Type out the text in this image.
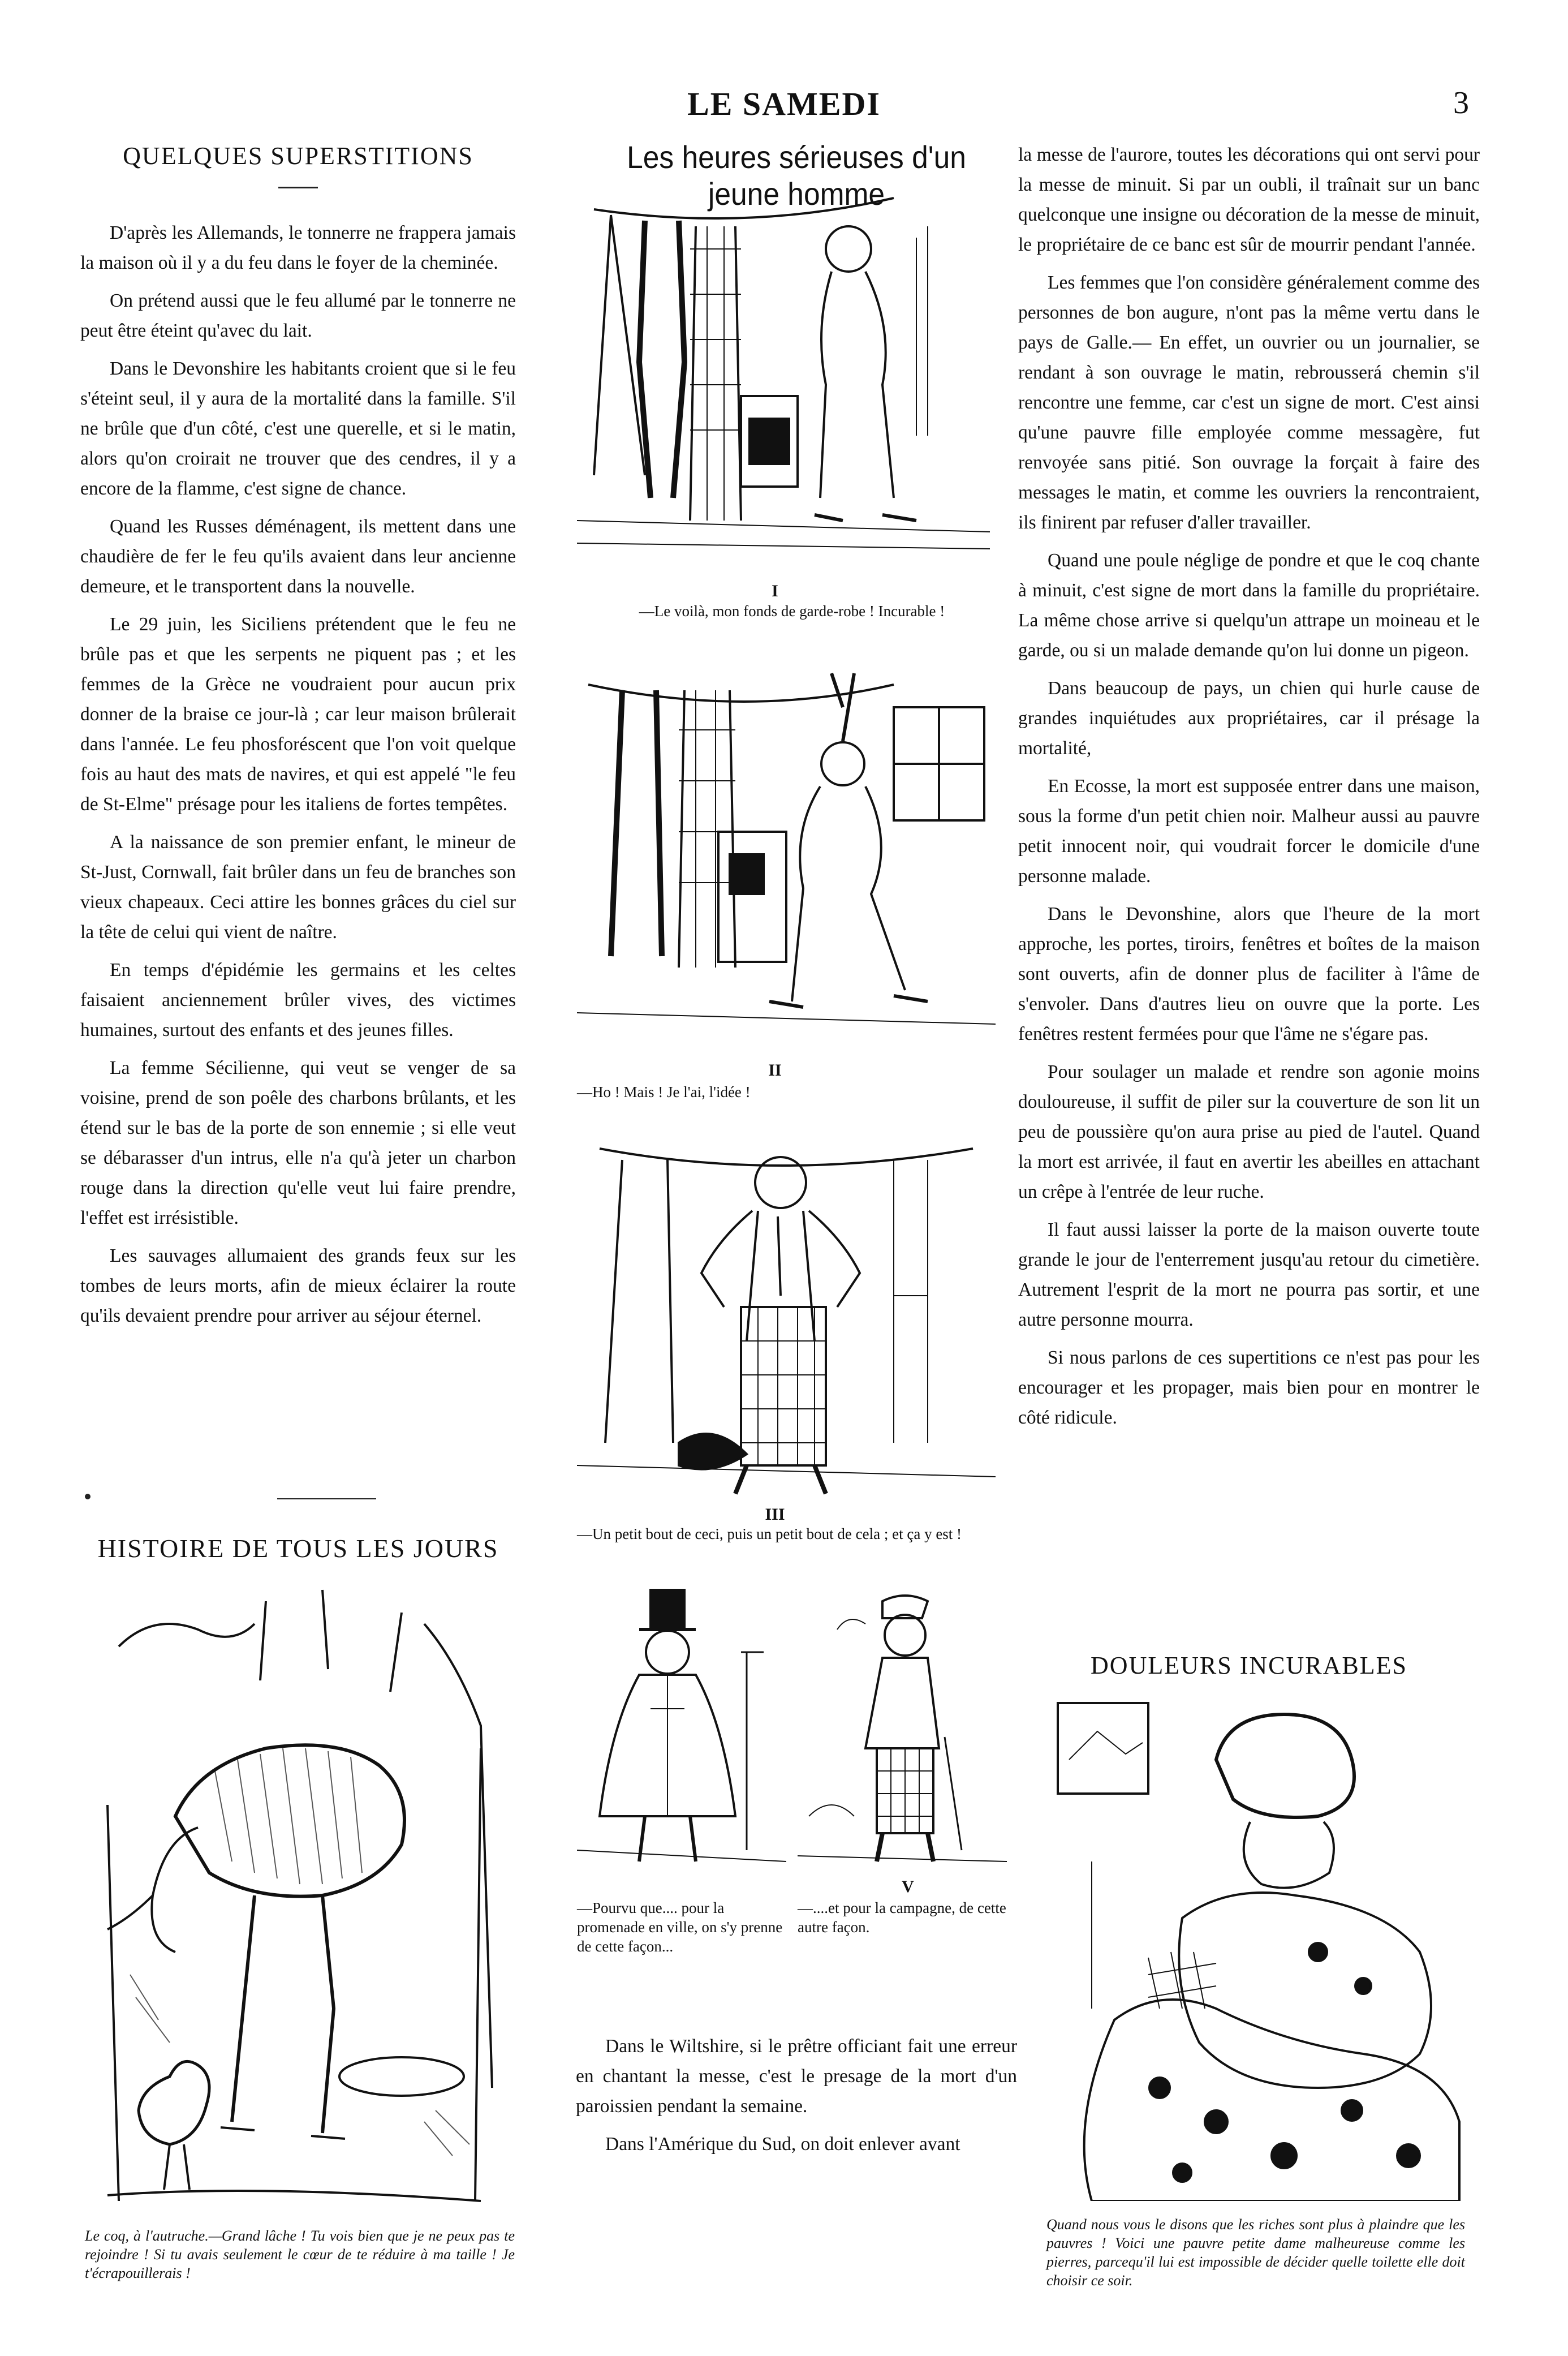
LE SAMEDI	3
QUELQUES SUPERSTITIONS

D'après les Allemands, le tonnerre ne frappera jamais la maison où il y a du feu dans le foyer de la cheminée.

On prétend aussi que le feu allumé par le tonnerre ne peut être éteint qu'avec du lait.

Dans le Devonshire les habitants croient que si le feu s'éteint seul, il y aura de la mortalité dans la famille. S'il ne brûle que d'un côté, c'est une querelle, et si le matin, alors qu'on croirait ne trouver que des cendres, il y a encore de la flamme, c'est signe de chance.

Quand les Russes déménagent, ils mettent dans une chaudière de fer le feu qu'ils avaient dans leur ancienne demeure, et le transportent dans la nouvelle.

Le 29 juin, les Siciliens prétendent que le feu ne brûle pas et que les serpents ne piquent pas ; et les femmes de la Grèce ne voudraient pour aucun prix donner de la braise ce jour-là ; car leur maison brûlerait dans l'année. Le feu phosforéscent que l'on voit quelque fois au haut des mats de navires, et qui est appelé "le feu de St-Elme" présage pour les italiens de fortes tempêtes.

A la naissance de son premier enfant, le mineur de St-Just, Cornwall, fait brûler dans un feu de branches son vieux chapeaux. Ceci attire les bonnes grâces du ciel sur la tête de celui qui vient de naître.

En temps d'épidémie les germains et les celtes faisaient anciennement brûler vives, des victimes humaines, surtout des enfants et des jeunes filles.

La femme Sécilienne, qui veut se venger de sa voisine, prend de son poêle des charbons brûlants, et les étend sur le bas de la porte de son ennemie ; si elle veut se débarasser d'un intrus, elle n'a qu'à jeter un charbon rouge dans la direction qu'elle veut lui faire prendre, l'effet est irrésistible.

Les sauvages allumaient des grands feux sur les tombes de leurs morts, afin de mieux éclairer la route qu'ils devaient prendre pour arriver au séjour éternel.

HISTOIRE DE TOUS LES JOURS
Le coq, à l'autruche.—Grand lâche ! Tu vois bien que je ne peux pas te rejoindre ! Si tu avais seulement le cœur de te réduire à ma taille ! Je t'écrapouillerais !
Les heures sérieuses d'un jeune homme
I
—Le voilà, mon fonds de garde-robe ! Incurable !
II
—Ho ! Mais ! Je l'ai, l'idée !
III
—Un petit bout de ceci, puis un petit bout de cela ; et ça y est !
—Pourvu que.... pour la promenade en ville, on s'y prenne de cette façon...
V
—....et pour la campagne, de cette autre façon.

Dans le Wiltshire, si le prêtre officiant fait une erreur en chantant la messe, c'est le presage de la mort d'un paroissien pendant la semaine.

Dans l'Amérique du Sud, on doit enlever avant

la messe de l'aurore, toutes les décorations qui ont servi pour la messe de minuit. Si par un oubli, il traînait sur un banc quelconque une insigne ou décoration de la messe de minuit, le propriétaire de ce banc est sûr de mourrir pendant l'année.

Les femmes que l'on considère généralement comme des personnes de bon augure, n'ont pas la même vertu dans le pays de Galle.— En effet, un ouvrier ou un journalier, se rendant à son ouvrage le matin, rebrousserá chemin s'il rencontre une femme, car c'est un signe de mort. C'est ainsi qu'une pauvre fille employée comme messagère, fut renvoyée sans pitié. Son ouvrage la forçait à faire des messages le matin, et comme les ouvriers la rencontraient, ils finirent par refuser d'aller travailler.

Quand une poule néglige de pondre et que le coq chante à minuit, c'est signe de mort dans la famille du propriétaire. La même chose arrive si quelqu'un attrape un moineau et le garde, ou si un malade demande qu'on lui donne un pigeon.

Dans beaucoup de pays, un chien qui hurle cause de grandes inquiétudes aux propriétaires, car il présage la mortalité,

En Ecosse, la mort est supposée entrer dans une maison, sous la forme d'un petit chien noir. Malheur aussi au pauvre petit innocent noir, qui voudrait forcer le domicile d'une personne malade.

Dans le Devonshine, alors que l'heure de la mort approche, les portes, tiroirs, fenêtres et boîtes de la maison sont ouverts, afin de donner plus de faciliter à l'âme de s'envoler. Dans d'autres lieu on ouvre que la porte. Les fenêtres restent fermées pour que l'âme ne s'égare pas.

Pour soulager un malade et rendre son agonie moins douloureuse, il suffit de piler sur la couverture de son lit un peu de poussière qu'on aura prise au pied de l'autel. Quand la mort est arrivée, il faut en avertir les abeilles en attachant un crêpe à l'entrée de leur ruche.

Il faut aussi laisser la porte de la maison ouverte toute grande le jour de l'enterrement jusqu'au retour du cimetière. Autrement l'esprit de la mort ne pourra pas sortir, et une autre personne mourra.

Si nous parlons de ces supertitions ce n'est pas pour les encourager et les propager, mais bien pour en montrer le côté ridicule.

DOULEURS INCURABLES
Quand nous vous le disons que les riches sont plus à plaindre que les pauvres ! Voici une pauvre petite dame malheureuse comme les pierres, parcequ'il lui est impossible de décider quelle toilette elle doit choisir ce soir.
